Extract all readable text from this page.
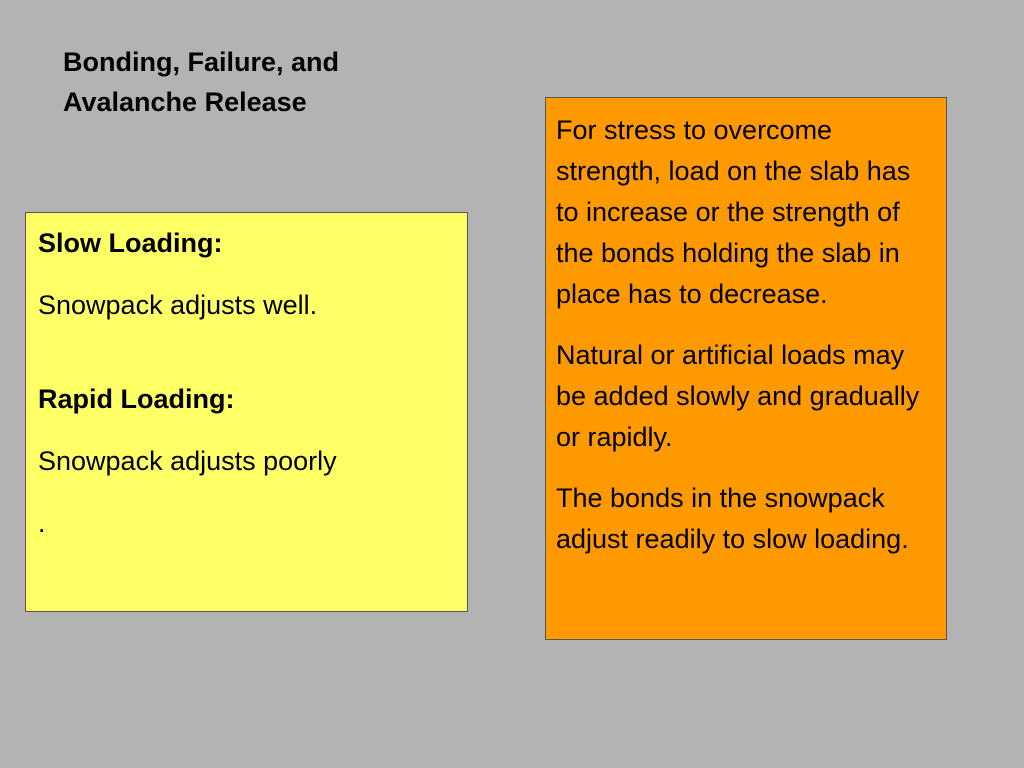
Bonding, Failure, and
Avalanche Release

Slow Loading:

Snowpack adjusts well.

Rapid Loading:

Snowpack adjusts poorly

.

For stress to overcome strength, load on the slab has to increase or the strength of the bonds holding the slab in place has to decrease.

Natural or artificial loads may be added slowly and gradually or rapidly.

The bonds in the snowpack adjust readily to slow loading.
